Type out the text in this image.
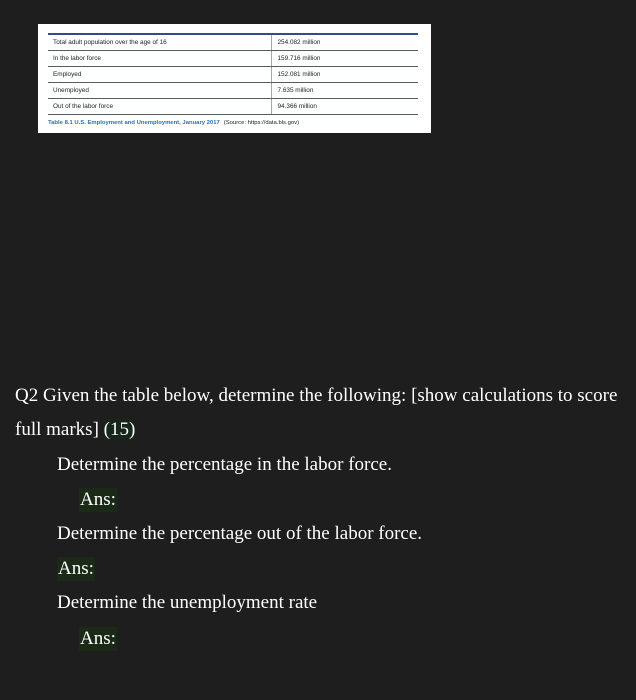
Total adult population over the age of 16	254.082 million
In the labor force	159.716 million
Employed	152.081 million
Unemployed	7.635 million
Out of the labor force	94.366 million
Table 8.1 U.S. Employment and Unemployment, January 2017 (Source: https://data.bls.gov)

Q2 Given the table below, determine the following: [show calculations to score full marks] (15)

Determine the percentage in the labor force.

Ans:

Determine the percentage out of the labor force.

Ans:

Determine the unemployment rate

Ans:
